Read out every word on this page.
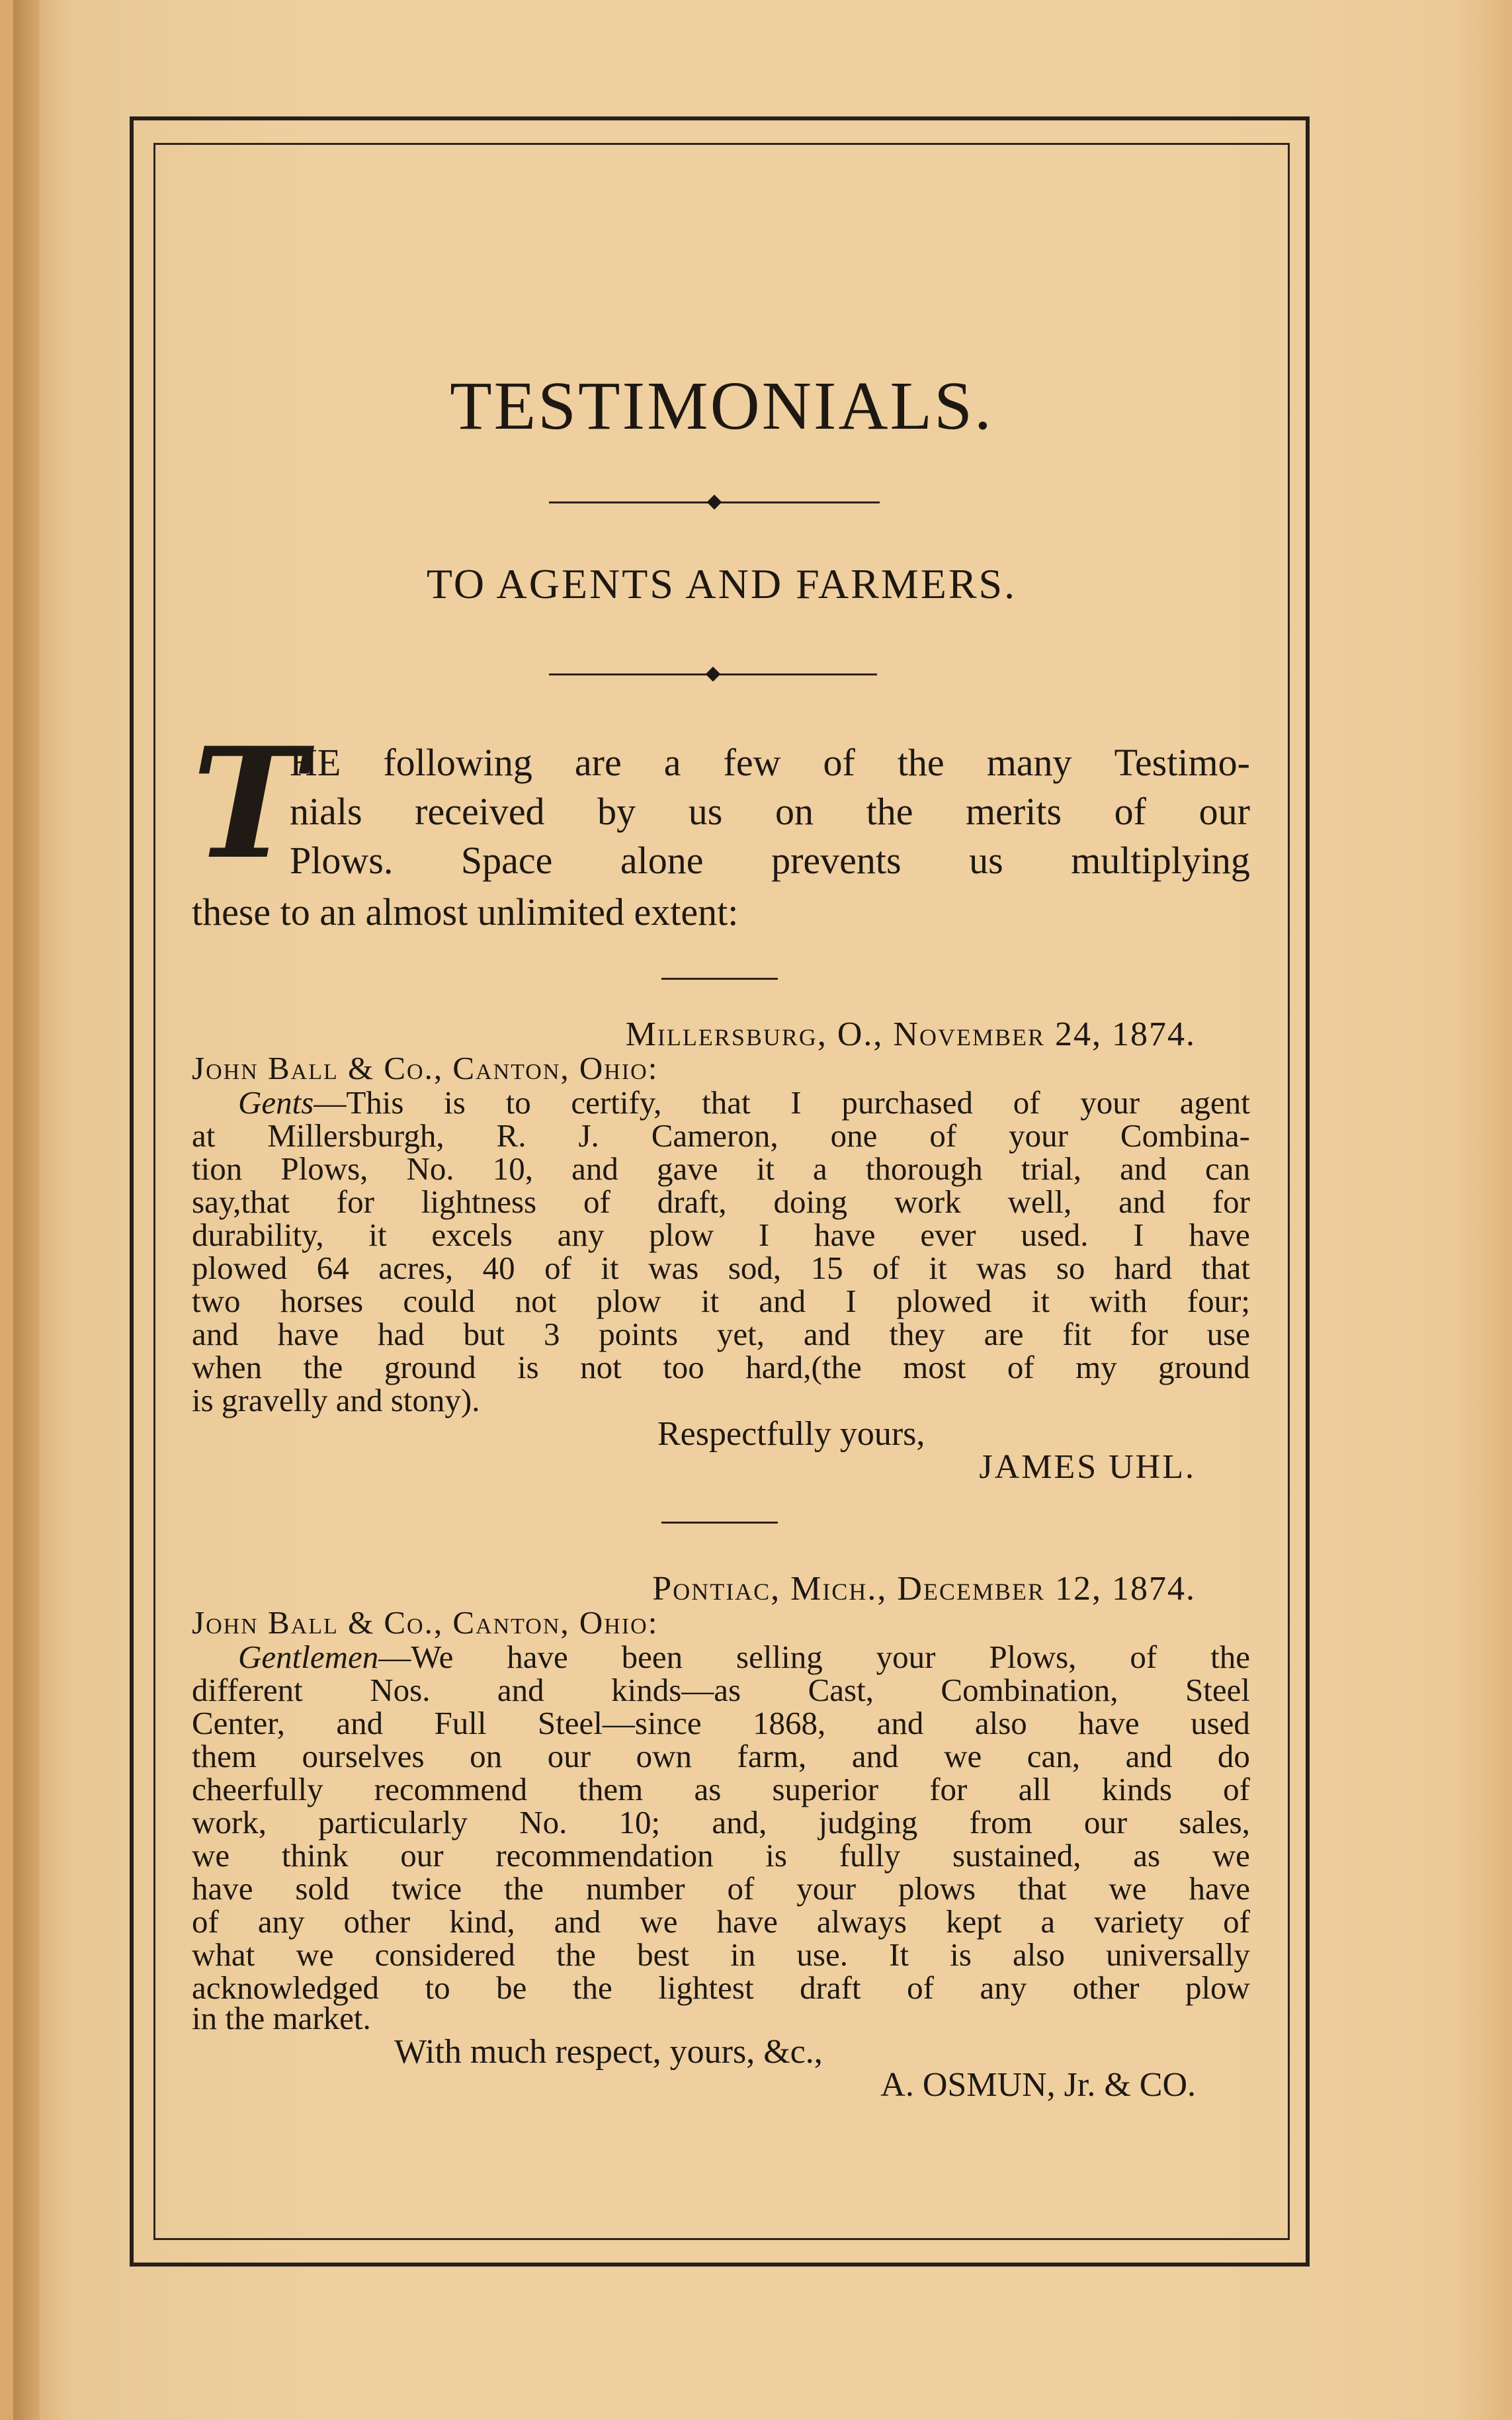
TESTIMONIALS.
TO AGENTS AND FARMERS.
T
HE following are a few of the many Testimo-
nials received by us on the merits of our
Plows. Space alone prevents us multiplying
these to an almost unlimited extent:
Millersburg, O., November 24, 1874.
John Ball & Co., Canton, Ohio:
Gents—This is to certify, that I purchased of your agent
at Millersburgh, R. J. Cameron, one of your Combina-
tion Plows, No. 10, and gave it a thorough trial, and can
say,that for lightness of draft, doing work well, and for
durability, it excels any plow I have ever used. I have
plowed 64 acres, 40 of it was sod, 15 of it was so hard that
two horses could not plow it and I plowed it with four;
and have had but 3 points yet, and they are fit for use
when the ground is not too hard,(the most of my ground
is gravelly and stony).
Respectfully yours,
JAMES UHL.
Pontiac, Mich., December 12, 1874.
John Ball & Co., Canton, Ohio:
Gentlemen—We have been selling your Plows, of the
different Nos. and kinds—as Cast, Combination, Steel
Center, and Full Steel—since 1868, and also have used
them ourselves on our own farm, and we can, and do
cheerfully recommend them as superior for all kinds of
work, particularly No. 10; and, judging from our sales,
we think our recommendation is fully sustained, as we
have sold twice the number of your plows that we have
of any other kind, and we have always kept a variety of
what we considered the best in use. It is also universally
acknowledged to be the lightest draft of any other plow
in the market.
With much respect, yours, &c.,
A. OSMUN, Jr. & CO.
